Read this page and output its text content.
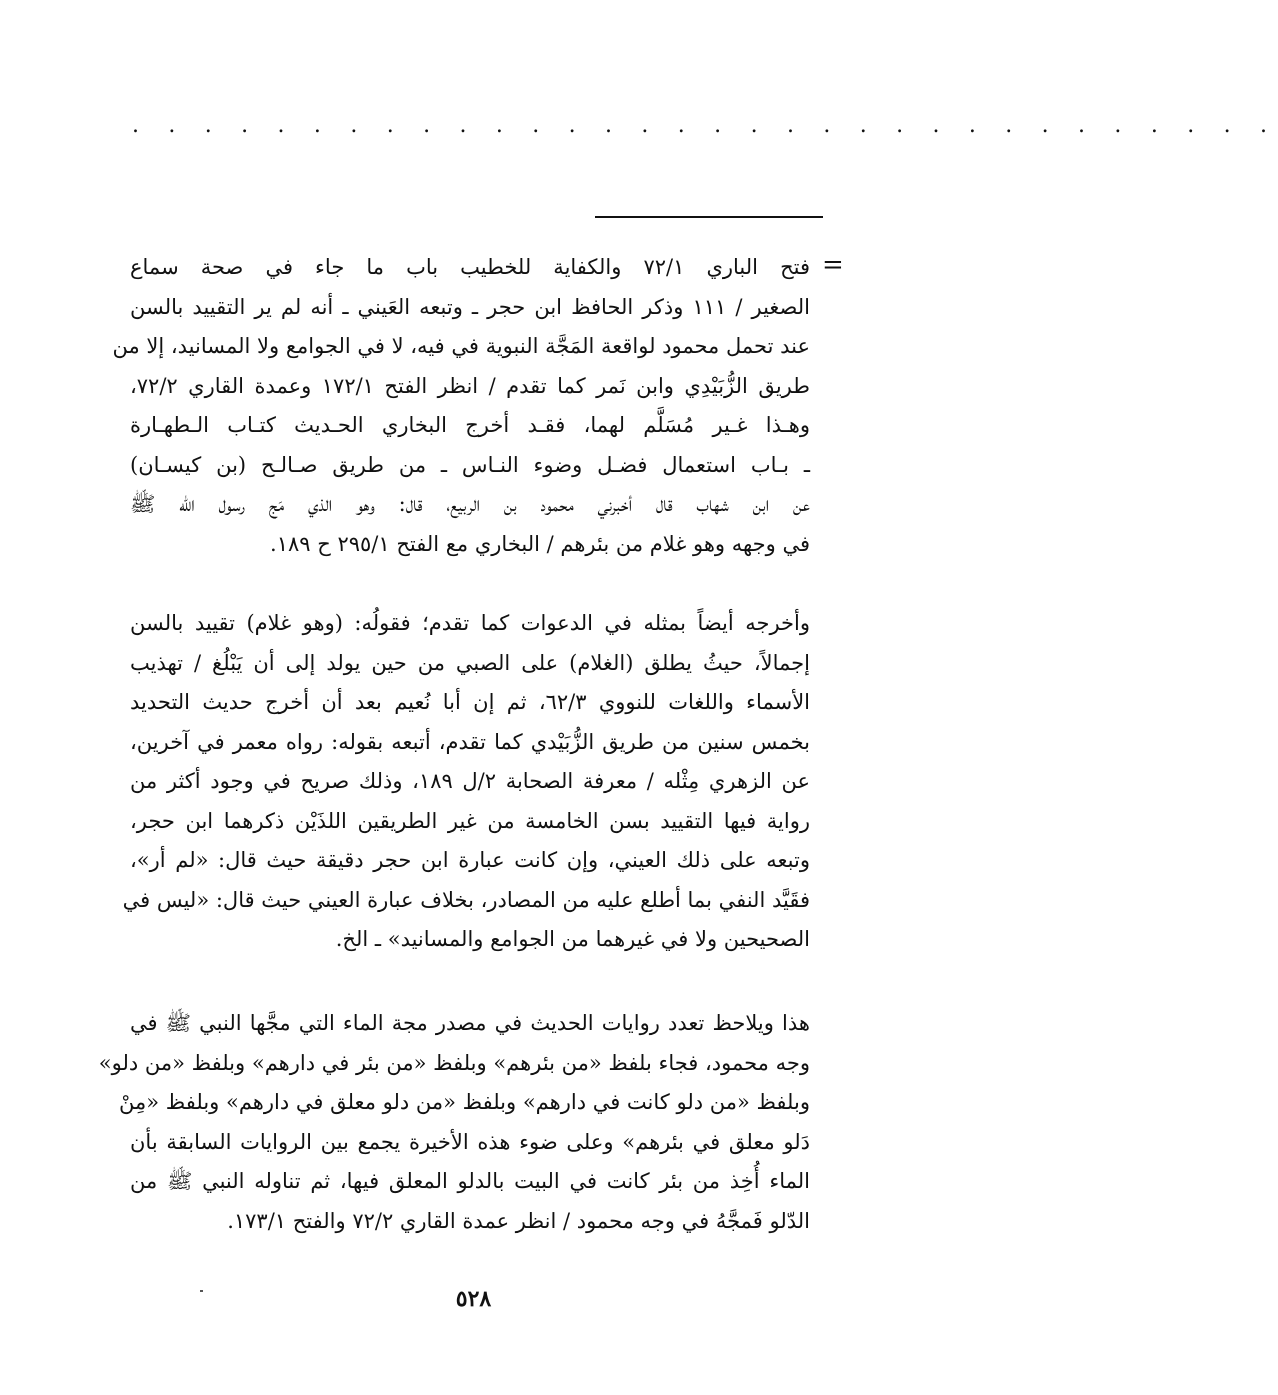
. . . . . . . . . . . . . . . . . . . . . . . . . . . . . . . .
=
فتح الباري ٧٢/١ والكفاية للخطيب باب ما جاء في صحة سماع
الصغير / ١١١ وذكر الحافظ ابن حجر ـ وتبعه العَيني ـ أنه لم ير التقييد بالسن
عند تحمل محمود لواقعة المَجَّة النبوية في فيه، لا في الجوامع ولا المسانيد، إلا من
طريق الزُّبَيْدِي وابن نَمر كما تقدم / انظر الفتح ١٧٢/١ وعمدة القاري ٧٢/٢،
وهـذا غـير مُسَلَّم لهما، فقـد أخرج البخاري الحـديث كتـاب الـطهـارة
ـ بـاب استعمال فضـل وضوء النـاس ـ من طريق صـالـح (بن كيسـان)
عن ابن شهاب قال أخبرني محمود بن الربيع، قال: وهو الذي مَج رسول الله ﷺ
في وجهه وهو غلام من بئرهم / البخاري مع الفتح ٢٩٥/١ ح ١٨٩.
وأخرجه أيضاً بمثله في الدعوات كما تقدم؛ فقولُه: (وهو غلام) تقييد بالسن
إجمالاً، حيثُ يطلق (الغلام) على الصبي من حين يولد إلى أن يَبْلُغ / تهذيب
الأسماء واللغات للنووي ٦٢/٣، ثم إن أبا نُعيم بعد أن أخرج حديث التحديد
بخمس سنين من طريق الزُّبَيْدي كما تقدم، أتبعه بقوله: رواه معمر في آخرين،
عن الزهري مِثْله / معرفة الصحابة ٢/ل ١٨٩، وذلك صريح في وجود أكثر من
رواية فيها التقييد بسن الخامسة من غير الطريقين اللذَيْن ذكرهما ابن حجر،
وتبعه على ذلك العيني، وإن كانت عبارة ابن حجر دقيقة حيث قال: «لم أر»،
فقَيَّد النفي بما أطلع عليه من المصادر، بخلاف عبارة العيني حيث قال: «ليس في
الصحيحين ولا في غيرهما من الجوامع والمسانيد» ـ الخ.
هذا ويلاحظ تعدد روايات الحديث في مصدر مجة الماء التي مجَّها النبي ﷺ في
وجه محمود، فجاء بلفظ «من بئرهم» وبلفظ «من بئر في دارهم» وبلفظ «من دلو»
وبلفظ «من دلو كانت في دارهم» وبلفظ «من دلو معلق في دارهم» وبلفظ «مِنْ
دَلو معلق في بئرهم» وعلى ضوء هذه الأخيرة يجمع بين الروايات السابقة بأن
الماء أُخِذ من بئر كانت في البيت بالدلو المعلق فيها، ثم تناوله النبي ﷺ من
الدّلو فَمجَّهُ في وجه محمود / انظر عمدة القاري ٧٢/٢ والفتح ١٧٣/١.
٥٢٨
